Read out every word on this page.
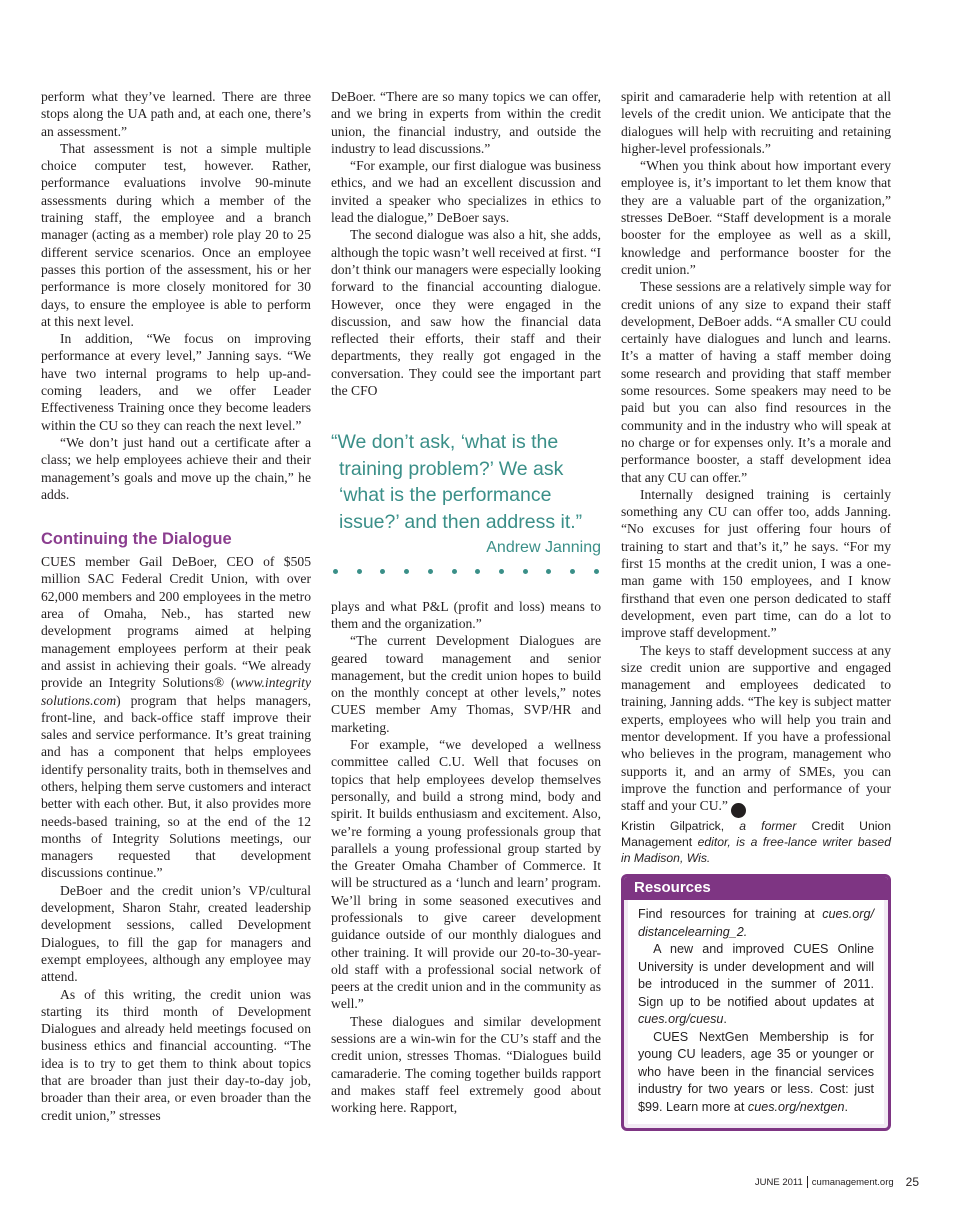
perform what they’ve learned. There are three stops along the UA path and, at each one, there’s an assessment.”

That assessment is not a simple multiple choice computer test, however. Rather, performance evaluations involve 90-minute assessments during which a member of the training staff, the employee and a branch manager (acting as a member) role play 20 to 25 different service scenarios. Once an employee passes this portion of the assessment, his or her performance is more closely monitored for 30 days, to ensure the employee is able to perform at this next level.

In addition, “We focus on improving performance at every level,” Janning says. “We have two internal programs to help up-and-coming leaders, and we offer Leader Effectiveness Training once they become leaders within the CU so they can reach the next level.”

“We don’t just hand out a certificate after a class; we help employees achieve their and their management’s goals and move up the chain,” he adds.

Continuing the Dialogue

CUES member Gail DeBoer, CEO of $505 million SAC Federal Credit Union, with over 62,000 members and 200 employees in the metro area of Omaha, Neb., has started new development programs aimed at helping management employees perform at their peak and assist in achieving their goals. “We already provide an Integrity Solutions® (www.integrity solutions.com) program that helps managers, front-line, and back-office staff improve their sales and service performance. It’s great training and has a component that helps employees identify personality traits, both in themselves and others, helping them serve customers and interact better with each other. But, it also provides more needs-based training, so at the end of the 12 months of Integrity Solutions meetings, our managers requested that development discussions continue.”

DeBoer and the credit union’s VP/cultural development, Sharon Stahr, created leadership development sessions, called Development Dialogues, to fill the gap for managers and exempt employees, although any employee may attend.

As of this writing, the credit union was starting its third month of Development Dialogues and already held meetings focused on business ethics and financial accounting. “The idea is to try to get them to think about topics that are broader than just their day-to-day job, broader than their area, or even broader than the credit union,” stresses

DeBoer. “There are so many topics we can offer, and we bring in experts from within the credit union, the financial industry, and outside the industry to lead discussions.”

“For example, our first dialogue was business ethics, and we had an excellent discussion and invited a speaker who specializes in ethics to lead the dialogue,” DeBoer says.

The second dialogue was also a hit, she adds, although the topic wasn’t well received at first. “I don’t think our managers were especially looking forward to the financial accounting dialogue. However, once they were engaged in the discussion, and saw how the financial data reflected their efforts, their staff and their departments, they really got engaged in the conversation. They could see the important part the CFO

“We don’t ask, ‘what is the training problem?’ We ask ‘what is the performance issue?’ and then address it.”
Andrew Janning

plays and what P&L (profit and loss) means to them and the organization.”

“The current Development Dialogues are geared toward management and senior management, but the credit union hopes to build on the monthly concept at other levels,” notes CUES member Amy Thomas, SVP/HR and marketing.

For example, “we developed a wellness committee called C.U. Well that focuses on topics that help employees develop themselves personally, and build a strong mind, body and spirit. It builds enthusiasm and excitement. Also, we’re forming a young professionals group that parallels a young professional group started by the Greater Omaha Chamber of Commerce. It will be structured as a ‘lunch and learn’ program. We’ll bring in some seasoned executives and professionals to give career development guidance outside of our monthly dialogues and other training. It will provide our 20-to-30-year-old staff with a professional social network of peers at the credit union and in the community as well.”

These dialogues and similar development sessions are a win-win for the CU’s staff and the credit union, stresses Thomas. “Dialogues build camaraderie. The coming together builds rapport and makes staff feel extremely good about working here. Rapport,

spirit and camaraderie help with retention at all levels of the credit union. We anticipate that the dialogues will help with recruiting and retaining higher-level professionals.”

“When you think about how important every employee is, it’s important to let them know that they are a valuable part of the organization,” stresses DeBoer. “Staff development is a morale booster for the employee as well as a skill, knowledge and performance booster for the credit union.”

These sessions are a relatively simple way for credit unions of any size to expand their staff development, DeBoer adds. “A smaller CU could certainly have dialogues and lunch and learns. It’s a matter of having a staff member doing some research and providing that staff member some resources. Some speakers may need to be paid but you can also find resources in the community and in the industry who will speak at no charge or for expenses only. It’s a morale and performance booster, a staff development idea that any CU can offer.”

Internally designed training is certainly something any CU can offer too, adds Janning. “No excuses for just offering four hours of training to start and that’s it,” he says. “For my first 15 months at the credit union, I was a one-man game with 150 employees, and I know firsthand that even one person dedicated to staff development, even part time, can do a lot to improve staff development.”

The keys to staff development success at any size credit union are supportive and engaged management and employees dedicated to training, Janning adds. “The key is subject matter experts, employees who will help you train and mentor development. If you have a professional who believes in the program, management who supports it, and an army of SMEs, you can improve the function and performance of your staff and your CU.” ▲

Kristin Gilpatrick, a former Credit Union Management editor, is a free-lance writer based in Madison, Wis.

Resources

Find resources for training at cues.org/ distancelearning_2.

A new and improved CUES Online University is under development and will be introduced in the summer of 2011. Sign up to be notified about updates at cues.org/cuesu.

CUES NextGen Membership is for young CU leaders, age 35 or younger or who have been in the financial services industry for two years or less. Cost: just $99. Learn more at cues.org/nextgen.

JUNE 2011 cumanagement.org 25
